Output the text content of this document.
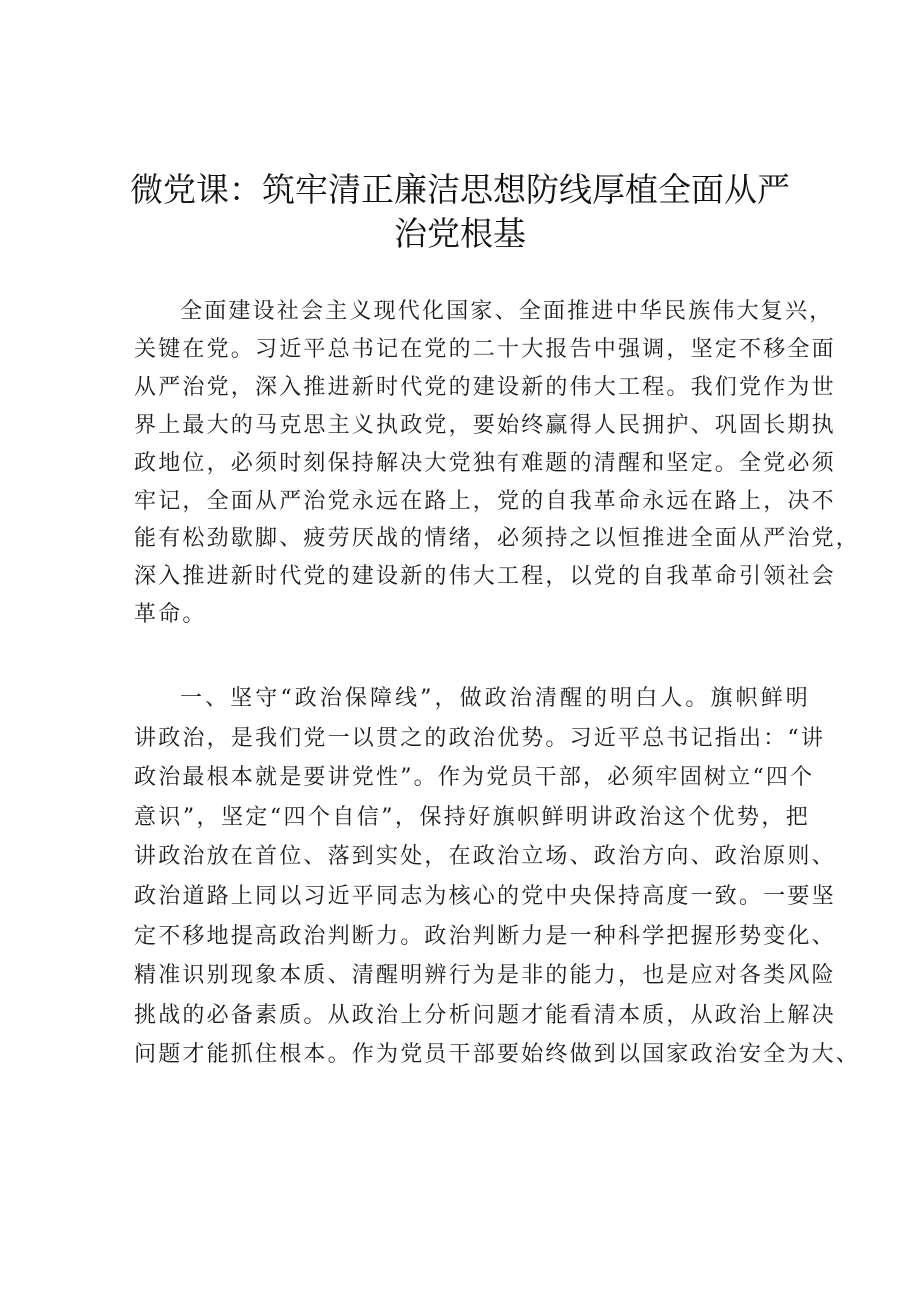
微党课：筑牢清正廉洁思想防线厚植全面从严
治党根基
全面建设社会主义现代化国家、全面推进中华民族伟大复兴，
关键在党。习近平总书记在党的二十大报告中强调，坚定不移全面
从严治党，深入推进新时代党的建设新的伟大工程。我们党作为世
界上最大的马克思主义执政党，要始终赢得人民拥护、巩固长期执
政地位，必须时刻保持解决大党独有难题的清醒和坚定。全党必须
牢记，全面从严治党永远在路上，党的自我革命永远在路上，决不
能有松劲歇脚、疲劳厌战的情绪，必须持之以恒推进全面从严治党，
深入推进新时代党的建设新的伟大工程，以党的自我革命引领社会
革命。
一、坚守“政治保障线”，做政治清醒的明白人。旗帜鲜明
讲政治，是我们党一以贯之的政治优势。习近平总书记指出：“讲
政治最根本就是要讲党性”。作为党员干部，必须牢固树立“四个
意识”，坚定“四个自信”，保持好旗帜鲜明讲政治这个优势，把
讲政治放在首位、落到实处，在政治立场、政治方向、政治原则、
政治道路上同以习近平同志为核心的党中央保持高度一致。一要坚
定不移地提高政治判断力。政治判断力是一种科学把握形势变化、
精准识别现象本质、清醒明辨行为是非的能力，也是应对各类风险
挑战的必备素质。从政治上分析问题才能看清本质，从政治上解决
问题才能抓住根本。作为党员干部要始终做到以国家政治安全为大、
